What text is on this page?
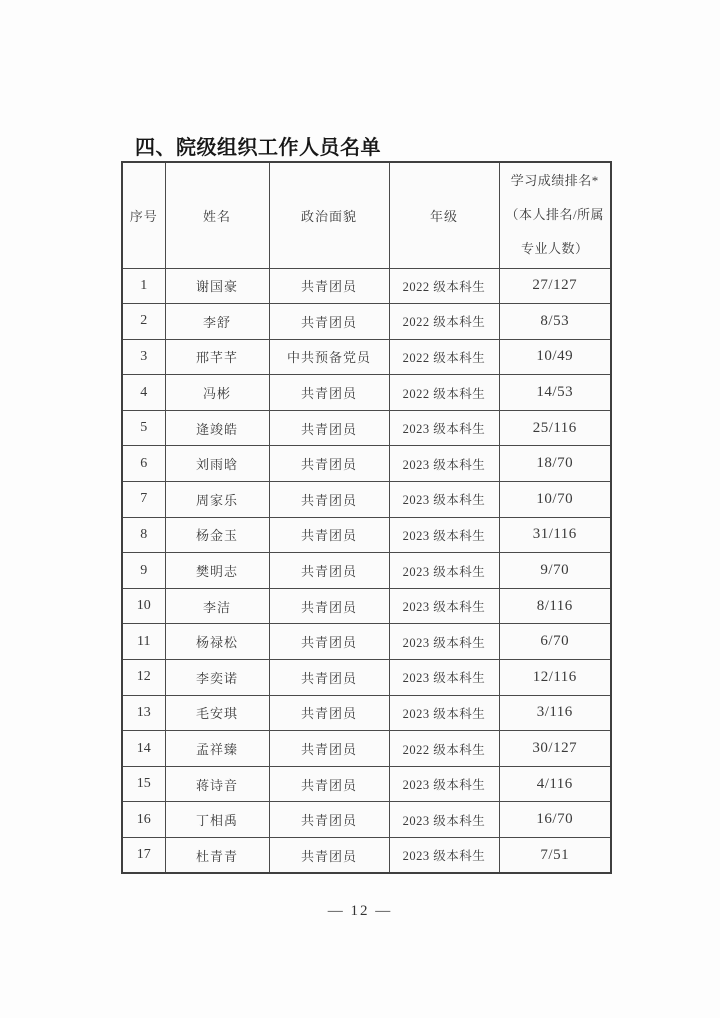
四、院级组织工作人员名单
序号	姓名	政治面貌	年级	学习成绩排名*
（本人排名/所属
专业人数）

1	谢国豪	共青团员	2022 级本科生	27/127
2	李舒	共青团员	2022 级本科生	8/53
3	邢芊芊	中共预备党员	2022 级本科生	10/49
4	冯彬	共青团员	2022 级本科生	14/53
5	逄竣皓	共青团员	2023 级本科生	25/116
6	刘雨晗	共青团员	2023 级本科生	18/70
7	周家乐	共青团员	2023 级本科生	10/70
8	杨金玉	共青团员	2023 级本科生	31/116
9	樊明志	共青团员	2023 级本科生	9/70
10	李洁	共青团员	2023 级本科生	8/116
11	杨禄松	共青团员	2023 级本科生	6/70
12	李奕诺	共青团员	2023 级本科生	12/116
13	毛安琪	共青团员	2023 级本科生	3/116
14	孟祥臻	共青团员	2022 级本科生	30/127
15	蒋诗音	共青团员	2023 级本科生	4/116
16	丁相禹	共青团员	2023 级本科生	16/70
17	杜青青	共青团员	2023 级本科生	7/51
— 12 —
